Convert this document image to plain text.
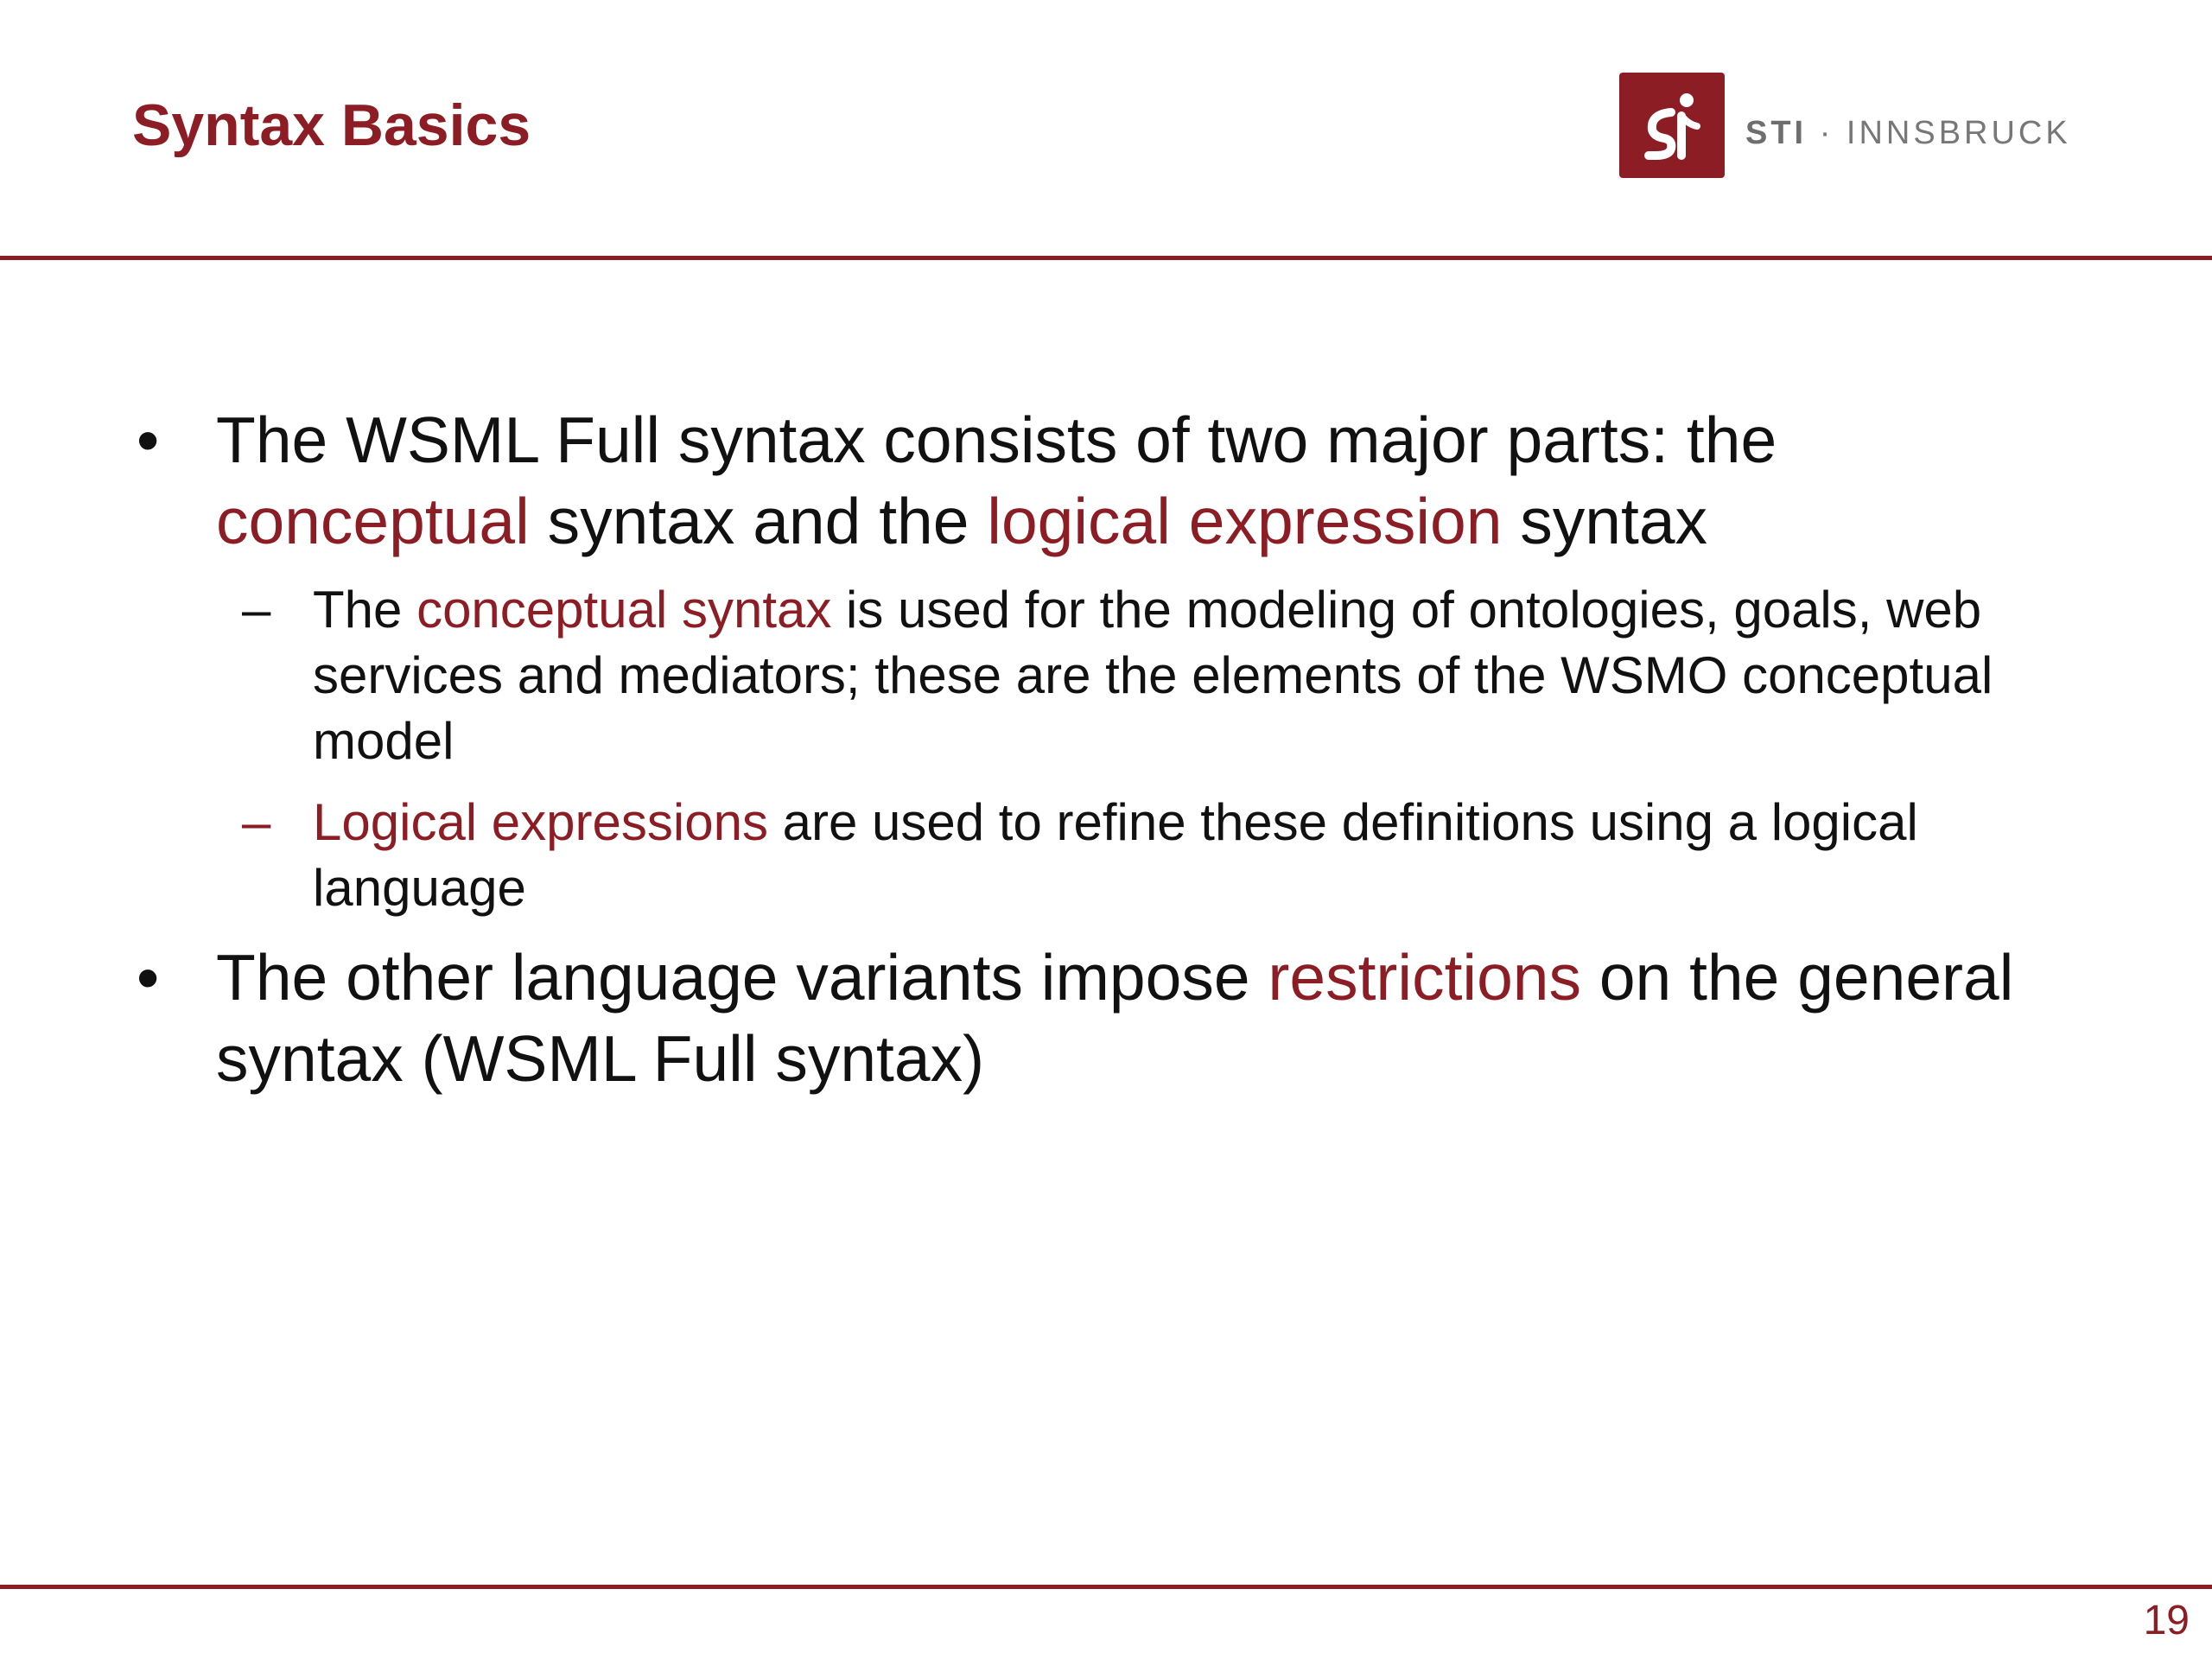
Syntax Basics	STI · INNSBRUCK
• The WSML Full syntax consists of two major parts: the conceptual syntax and the logical expression syntax
– The conceptual syntax is used for the modeling of ontologies, goals, web services and mediators; these are the elements of the WSMO conceptual model
– Logical expressions are used to refine these definitions using a logical language
• The other language variants impose restrictions on the general syntax (WSML Full syntax)
19
